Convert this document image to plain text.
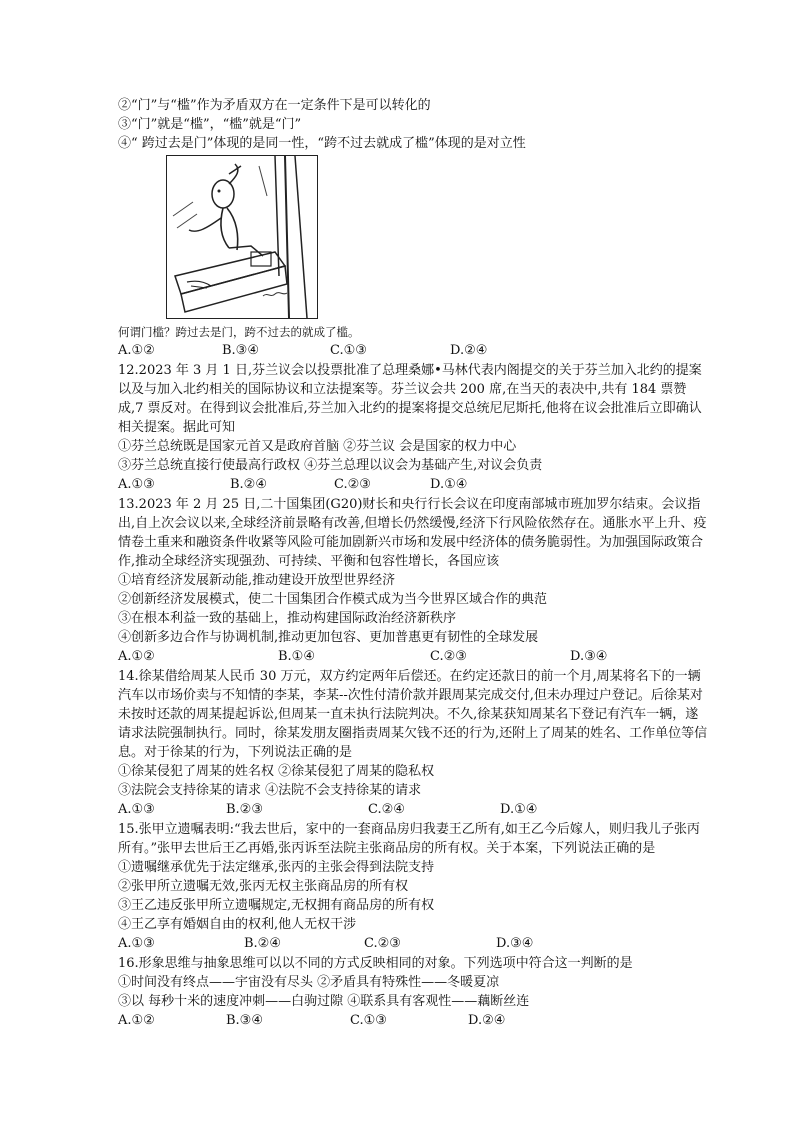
②“门”与“槛”作为矛盾双方在一定条件下是可以转化的
③“门”就是“槛”，“槛”就是“门”
④“ 跨过去是门”体现的是同一性，“跨不过去就成了槛”体现的是对立性
何谓门槛？跨过去是门，跨不过去的就成了槛。
A.①②	B.③④	C.①③	D.②④
12.2023 年 3 月 1 日,芬兰议会以投票批准了总理桑娜•马林代表内阁提交的关于芬兰加入北约的提案以及与加入北约相关的国际协议和立法提案等。芬兰议会共 200 席,在当天的表决中,共有 184 票赞成,7 票反对。在得到议会批准后,芬兰加入北约的提案将提交总统尼尼斯托,他将在议会批准后立即确认相关提案。据此可知
①芬兰总统既是国家元首又是政府首脑 ②芬兰议 会是国家的权力中心
③芬兰总统直接行使最高行政权 ④芬兰总理以议会为基础产生,对议会负责
A.①③	B.②④	C.②③	D.①④
13.2023 年 2 月 25 日,二十国集团(G20)财长和央行行长会议在印度南部城市班加罗尔结束。会议指出,自上次会议以来,全球经济前景略有改善,但增长仍然缓慢,经济下行风险依然存在。通胀水平上升、疫情卷土重来和融资条件收紧等风险可能加剧新兴市场和发展中经济体的债务脆弱性。为加强国际政策合作,推动全球经济实现强劲、可持续、平衡和包容性增长，各国应该
①培育经济发展新动能,推动建设开放型世界经济
②创新经济发展模式，使二十国集团合作模式成为当今世界区域合作的典范
③在根本利益一致的基础上，推动构建国际政治经济新秩序
④创新多边合作与协调机制,推动更加包容、更加普惠更有韧性的全球发展
A.①②	B.①④	C.②③	D.③④
14.徐某借给周某人民币 30 万元，双方约定两年后偿还。在约定还款日的前一个月,周某将名下的一辆汽车以市场价卖与不知情的李某，李某--次性付清价款并跟周某完成交付,但未办理过户登记。后徐某对未按时还款的周某提起诉讼,但周某一直未执行法院判决。不久,徐某获知周某名下登记有汽车一辆，遂请求法院强制执行。同时，徐某发朋友圈指责周某欠钱不还的行为,还附上了周某的姓名、工作单位等信息。对于徐某的行为，下列说法正确的是
①徐某侵犯了周某的姓名权 ②徐某侵犯了周某的隐私权
③法院会支持徐某的请求 ④法院不会支持徐某的请求
A.①③	B.②③	C.②④	D.①④
15.张甲立遗嘱表明:“我去世后，家中的一套商品房归我妻王乙所有,如王乙今后嫁人，则归我儿子张丙所有。”张甲去世后王乙再婚,张丙诉至法院主张商品房的所有权。关于本案，下列说法正确的是
①遗嘱继承优先于法定继承,张丙的主张会得到法院支持
②张甲所立遗嘱无效,张丙无权主张商品房的所有权
③王乙违反张甲所立遗嘱规定,无权拥有商品房的所有权
④王乙享有婚姻自由的权利,他人无权干涉
A.①③	B.②④	C.②③	D.③④
16.形象思维与抽象思维可以以不同的方式反映相同的对象。下列选项中符合这一判断的是
①时间没有终点——宇宙没有尽头 ②矛盾具有特殊性——冬暖夏凉
③以 每秒十米的速度冲刺——白驹过隙 ④联系具有客观性——藕断丝连
A.①②	B.③④	C.①③	D.②④
